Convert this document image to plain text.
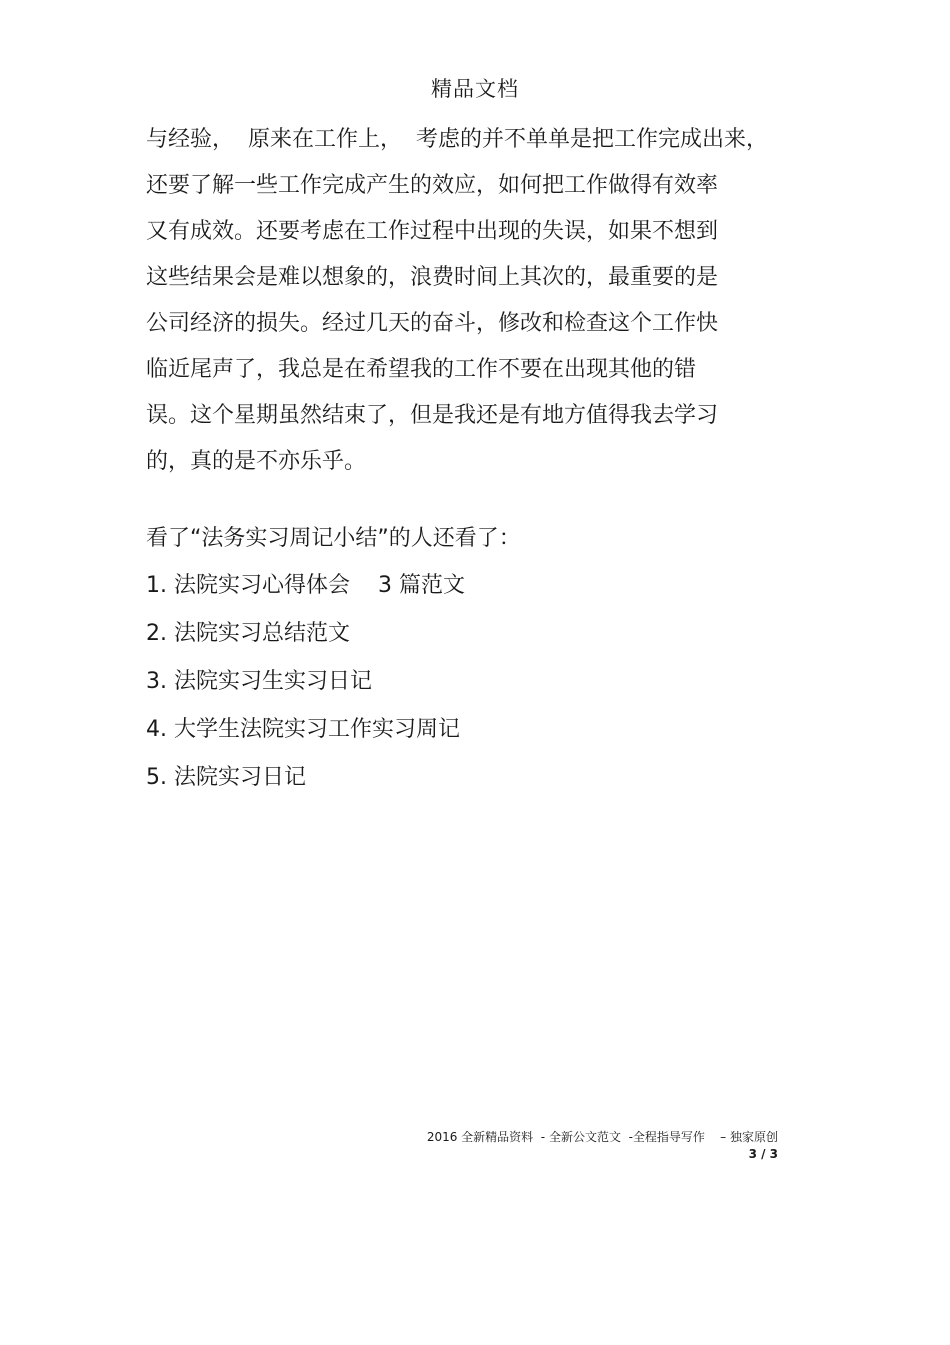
精品文档
与经验，  原来在工作上，  考虑的并不单单是把工作完成出来，
还要了解一些工作完成产生的效应，如何把工作做得有效率
又有成效。还要考虑在工作过程中出现的失误，如果不想到
这些结果会是难以想象的，浪费时间上其次的，最重要的是
公司经济的损失。经过几天的奋斗，修改和检查这个工作快
临近尾声了，我总是在希望我的工作不要在出现其他的错
误。这个星期虽然结束了，但是我还是有地方值得我去学习
的，真的是不亦乐乎。
看了“法务实习周记小结”的人还看了：
1. 法院实习心得体会    3 篇范文
2. 法院实习总结范文
3. 法院实习生实习日记
4. 大学生法院实习工作实习周记
5. 法院实习日记
2016 全新精品资料  - 全新公文范文  -全程指导写作    – 独家原创
3 / 3
